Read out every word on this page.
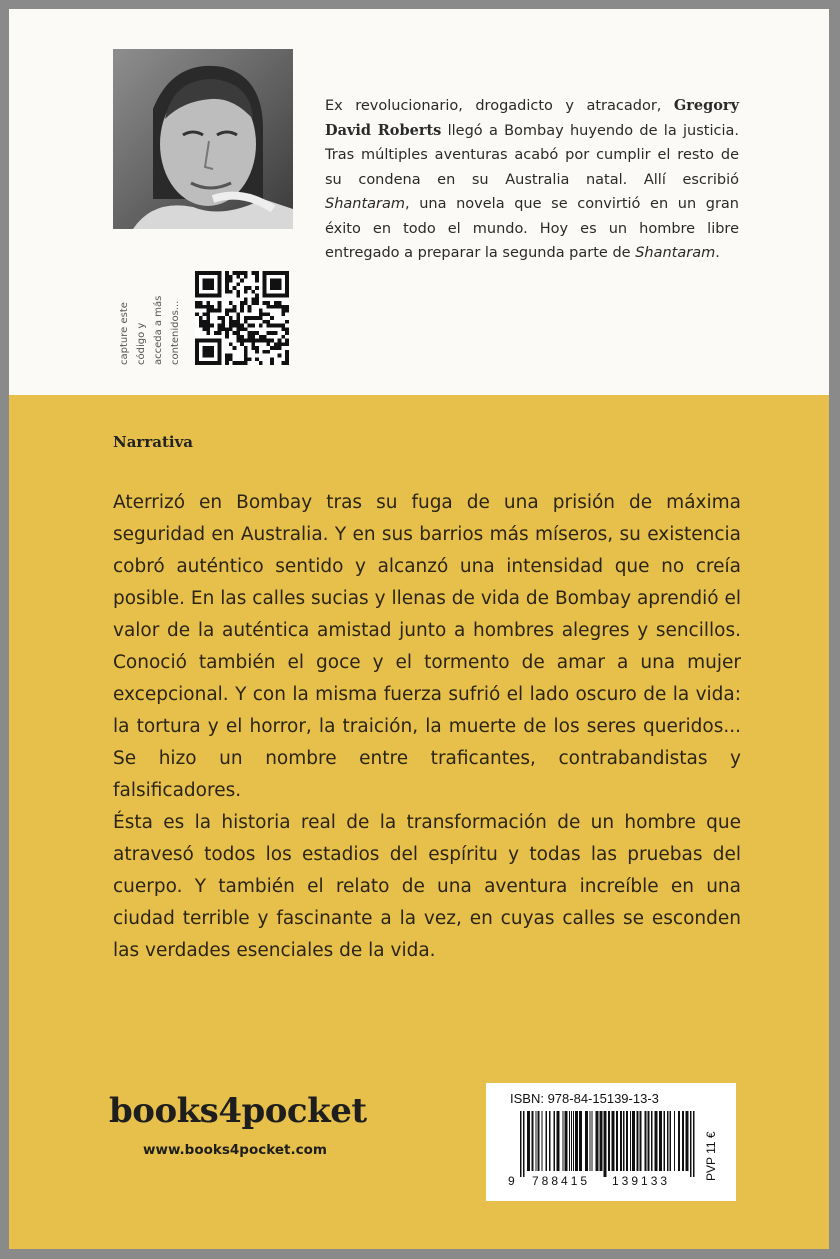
capture este código y acceda a más contenidos...
Ex revolucionario, drogadicto y atracador, Gregory David Roberts llegó a Bombay huyendo de la justicia. Tras múltiples aventuras acabó por cumplir el resto de su condena en su Australia natal. Allí escribió Shantaram, una novela que se convirtió en un gran éxito en todo el mundo. Hoy es un hombre libre entregado a preparar la segunda parte de Shantaram.
Narrativa

Aterrizó en Bombay tras su fuga de una prisión de máxima seguridad en Australia. Y en sus barrios más míseros, su existencia cobró auténtico sentido y alcanzó una intensidad que no creía posible. En las calles sucias y llenas de vida de Bombay aprendió el valor de la auténtica amistad junto a hombres alegres y sencillos. Conoció también el goce y el tormento de amar a una mujer excepcional. Y con la misma fuerza sufrió el lado oscuro de la vida: la tortura y el horror, la traición, la muerte de los seres queridos... Se hizo un nombre entre traficantes, contrabandistas y falsificadores.

Ésta es la historia real de la transformación de un hombre que atravesó todos los estadios del espíritu y todas las pruebas del cuerpo. Y también el relato de una aventura increíble en una ciudad terrible y fascinante a la vez, en cuyas calles se esconden las verdades esenciales de la vida.

books4pocket
www.books4pocket.com
ISBN: 978-84-15139-13-3
9 788415 139133	PVP 11 €
